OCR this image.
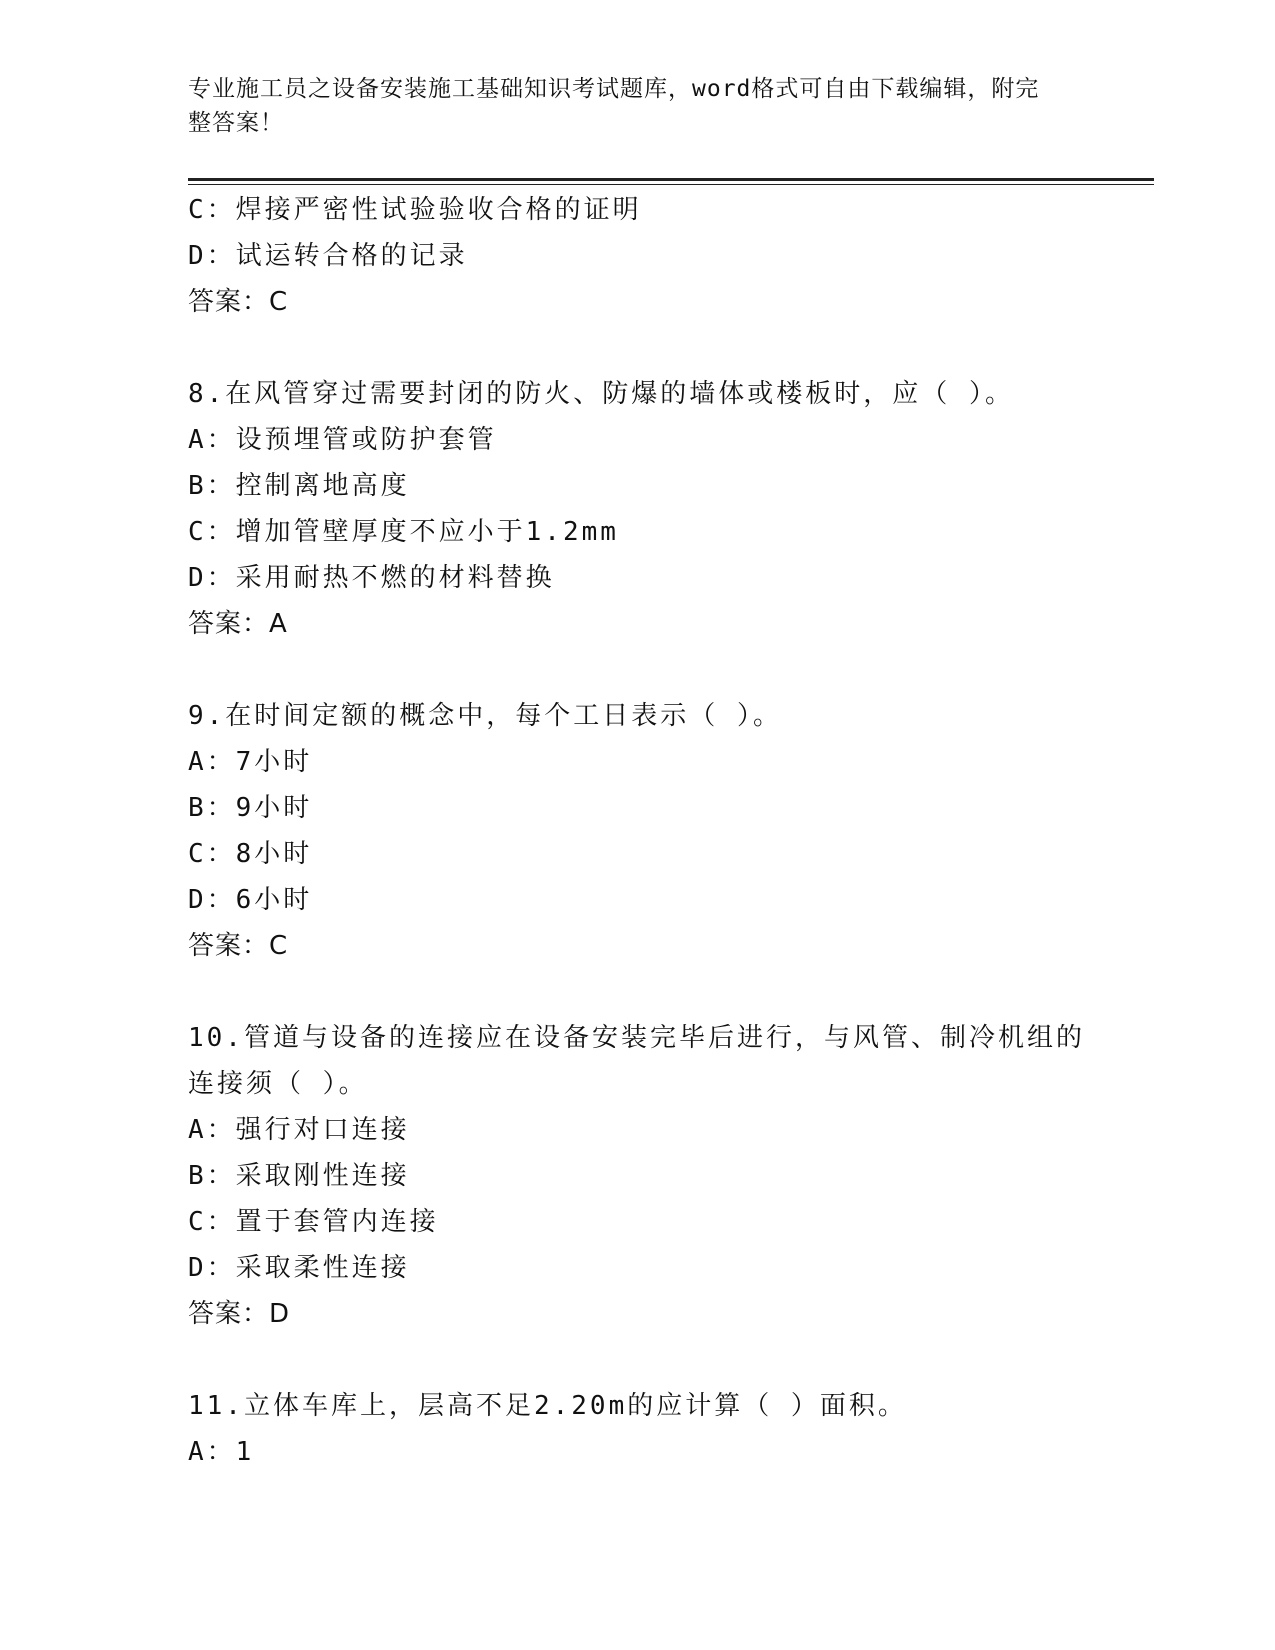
专业施工员之设备安装施工基础知识考试题库，word格式可自由下载编辑，附完
整答案！
C：焊接严密性试验验收合格的证明
D：试运转合格的记录
答案：C
8.在风管穿过需要封闭的防火、防爆的墙体或楼板时，应（ ）。
A：设预埋管或防护套管
B：控制离地高度
C：增加管壁厚度不应小于1.2mm
D：采用耐热不燃的材料替换
答案：A
9.在时间定额的概念中，每个工日表示（ ）。
A：7小时
B：9小时
C：8小时
D：6小时
答案：C
10.管道与设备的连接应在设备安装完毕后进行，与风管、制冷机组的
连接须（ ）。
A：强行对口连接
B：采取刚性连接
C：置于套管内连接
D：采取柔性连接
答案：D
11.立体车库上，层高不足2.20m的应计算（ ）面积。
A：1
